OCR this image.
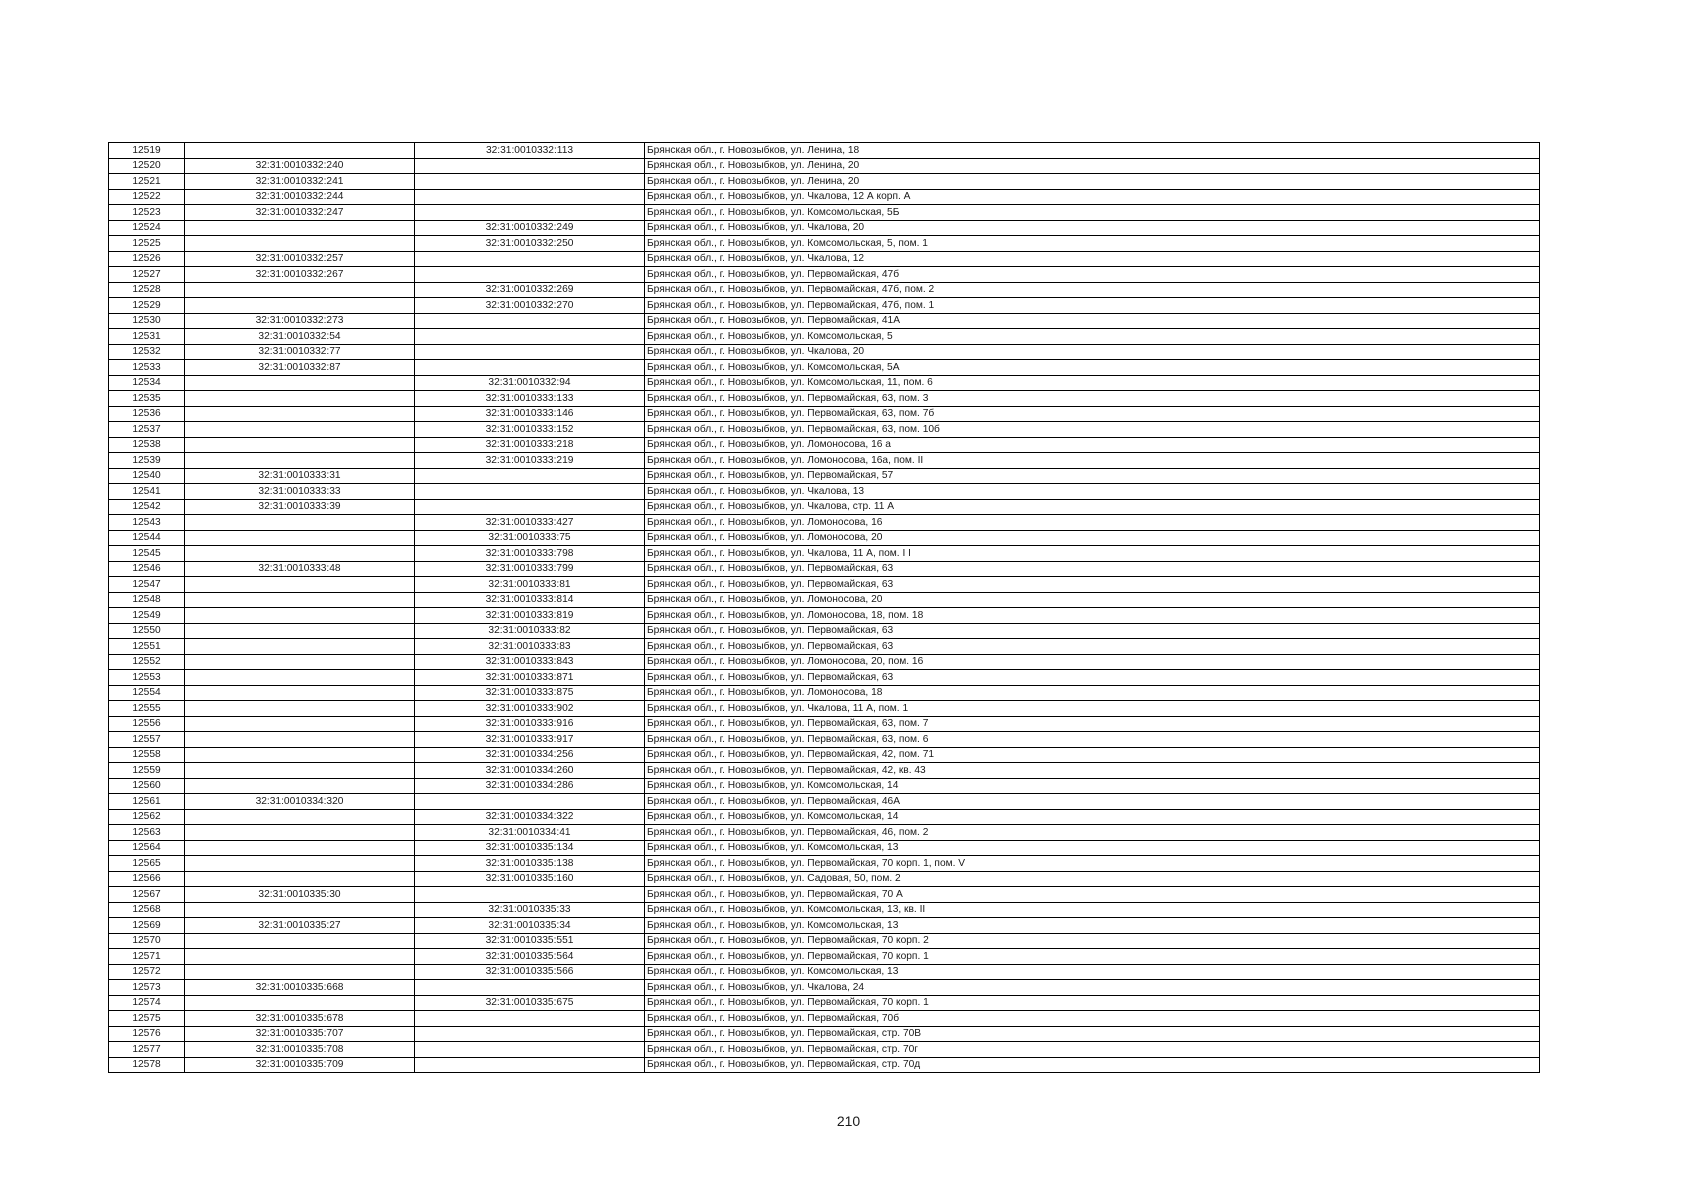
12519		32:31:0010332:113	Брянская обл., г. Новозыбков, ул. Ленина, 18
12520	32:31:0010332:240		Брянская обл., г. Новозыбков, ул. Ленина, 20
12521	32:31:0010332:241		Брянская обл., г. Новозыбков, ул. Ленина, 20
12522	32:31:0010332:244		Брянская обл., г. Новозыбков, ул. Чкалова, 12 А корп. А
12523	32:31:0010332:247		Брянская обл., г. Новозыбков, ул. Комсомольская, 5Б
12524		32:31:0010332:249	Брянская обл., г. Новозыбков, ул. Чкалова, 20
12525		32:31:0010332:250	Брянская обл., г. Новозыбков, ул. Комсомольская, 5, пом. 1
12526	32:31:0010332:257		Брянская обл., г. Новозыбков, ул. Чкалова, 12
12527	32:31:0010332:267		Брянская обл., г. Новозыбков, ул. Первомайская, 47б
12528		32:31:0010332:269	Брянская обл., г. Новозыбков, ул. Первомайская, 47б, пом. 2
12529		32:31:0010332:270	Брянская обл., г. Новозыбков, ул. Первомайская, 47б, пом. 1
12530	32:31:0010332:273		Брянская обл., г. Новозыбков, ул. Первомайская, 41А
12531	32:31:0010332:54		Брянская обл., г. Новозыбков, ул. Комсомольская, 5
12532	32:31:0010332:77		Брянская обл., г. Новозыбков, ул. Чкалова, 20
12533	32:31:0010332:87		Брянская обл., г. Новозыбков, ул. Комсомольская, 5А
12534		32:31:0010332:94	Брянская обл., г. Новозыбков, ул. Комсомольская, 11, пом. 6
12535		32:31:0010333:133	Брянская обл., г. Новозыбков, ул. Первомайская, 63, пом. 3
12536		32:31:0010333:146	Брянская обл., г. Новозыбков, ул. Первомайская, 63, пом. 7б
12537		32:31:0010333:152	Брянская обл., г. Новозыбков, ул. Первомайская, 63, пом. 10б
12538		32:31:0010333:218	Брянская обл., г. Новозыбков, ул. Ломоносова, 16 а
12539		32:31:0010333:219	Брянская обл., г. Новозыбков, ул. Ломоносова, 16а, пом. II
12540	32:31:0010333:31		Брянская обл., г. Новозыбков, ул. Первомайская, 57
12541	32:31:0010333:33		Брянская обл., г. Новозыбков, ул. Чкалова, 13
12542	32:31:0010333:39		Брянская обл., г. Новозыбков, ул. Чкалова, стр. 11 А
12543		32:31:0010333:427	Брянская обл., г. Новозыбков, ул. Ломоносова, 16
12544		32:31:0010333:75	Брянская обл., г. Новозыбков, ул. Ломоносова, 20
12545		32:31:0010333:798	Брянская обл., г. Новозыбков, ул. Чкалова, 11 А, пом. I I
12546	32:31:0010333:48	32:31:0010333:799	Брянская обл., г. Новозыбков, ул. Первомайская, 63
12547		32:31:0010333:81	Брянская обл., г. Новозыбков, ул. Первомайская, 63
12548		32:31:0010333:814	Брянская обл., г. Новозыбков, ул. Ломоносова, 20
12549		32:31:0010333:819	Брянская обл., г. Новозыбков, ул. Ломоносова, 18, пом. 18
12550		32:31:0010333:82	Брянская обл., г. Новозыбков, ул. Первомайская, 63
12551		32:31:0010333:83	Брянская обл., г. Новозыбков, ул. Первомайская, 63
12552		32:31:0010333:843	Брянская обл., г. Новозыбков, ул. Ломоносова, 20, пом. 16
12553		32:31:0010333:871	Брянская обл., г. Новозыбков, ул. Первомайская, 63
12554		32:31:0010333:875	Брянская обл., г. Новозыбков, ул. Ломоносова, 18
12555		32:31:0010333:902	Брянская обл., г. Новозыбков, ул. Чкалова, 11 А, пом. 1
12556		32:31:0010333:916	Брянская обл., г. Новозыбков, ул. Первомайская, 63, пом. 7
12557		32:31:0010333:917	Брянская обл., г. Новозыбков, ул. Первомайская, 63, пом. 6
12558		32:31:0010334:256	Брянская обл., г. Новозыбков, ул. Первомайская, 42, пом. 71
12559		32:31:0010334:260	Брянская обл., г. Новозыбков, ул. Первомайская, 42, кв. 43
12560		32:31:0010334:286	Брянская обл., г. Новозыбков, ул. Комсомольская, 14
12561	32:31:0010334:320		Брянская обл., г. Новозыбков, ул. Первомайская, 46А
12562		32:31:0010334:322	Брянская обл., г. Новозыбков, ул. Комсомольская, 14
12563		32:31:0010334:41	Брянская обл., г. Новозыбков, ул. Первомайская, 46, пом. 2
12564		32:31:0010335:134	Брянская обл., г. Новозыбков, ул. Комсомольская, 13
12565		32:31:0010335:138	Брянская обл., г. Новозыбков, ул. Первомайская, 70 корп. 1, пом. V
12566		32:31:0010335:160	Брянская обл., г. Новозыбков, ул. Садовая, 50, пом. 2
12567	32:31:0010335:30		Брянская обл., г. Новозыбков, ул. Первомайская, 70 А
12568		32:31:0010335:33	Брянская обл., г. Новозыбков, ул. Комсомольская, 13, кв. II
12569	32:31:0010335:27	32:31:0010335:34	Брянская обл., г. Новозыбков, ул. Комсомольская, 13
12570		32:31:0010335:551	Брянская обл., г. Новозыбков, ул. Первомайская, 70 корп. 2
12571		32:31:0010335:564	Брянская обл., г. Новозыбков, ул. Первомайская, 70 корп. 1
12572		32:31:0010335:566	Брянская обл., г. Новозыбков, ул. Комсомольская, 13
12573	32:31:0010335:668		Брянская обл., г. Новозыбков, ул. Чкалова, 24
12574		32:31:0010335:675	Брянская обл., г. Новозыбков, ул. Первомайская, 70 корп. 1
12575	32:31:0010335:678		Брянская обл., г. Новозыбков, ул. Первомайская, 70б
12576	32:31:0010335:707		Брянская обл., г. Новозыбков, ул. Первомайская, стр. 70В
12577	32:31:0010335:708		Брянская обл., г. Новозыбков, ул. Первомайская, стр. 70г
12578	32:31:0010335:709		Брянская обл., г. Новозыбков, ул. Первомайская, стр. 70д
210
